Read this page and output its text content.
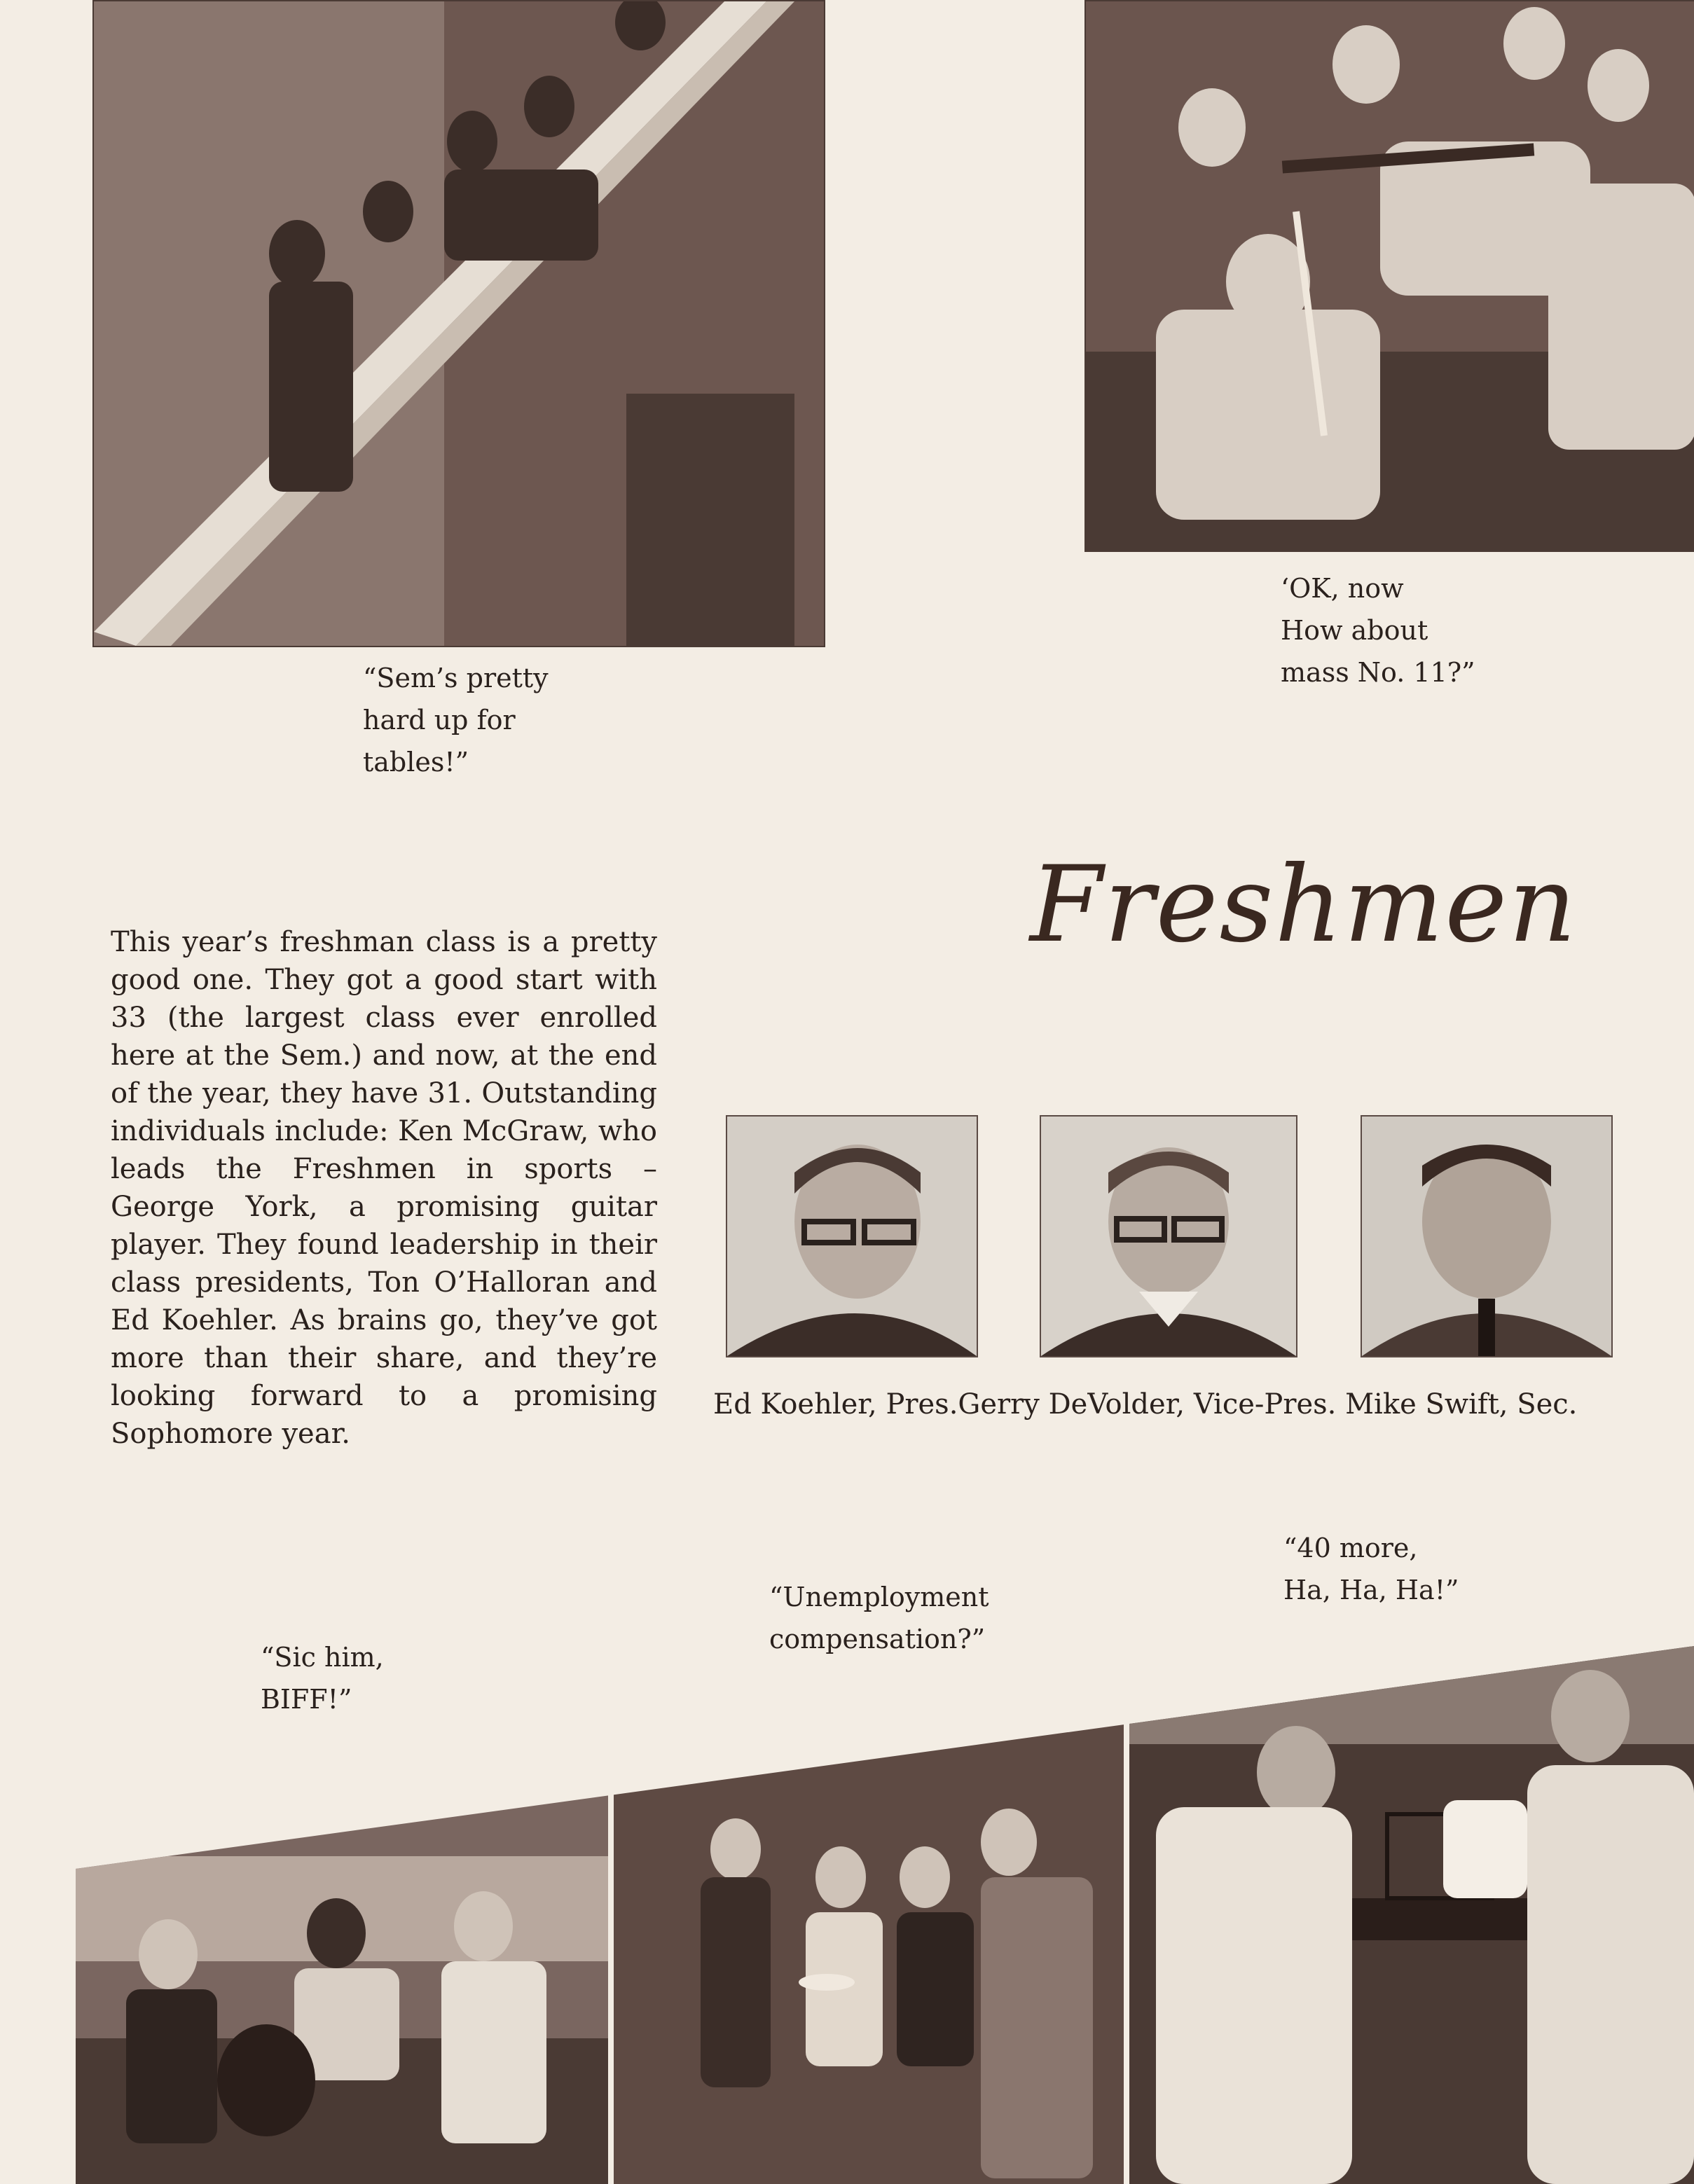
“Sem’s pretty
hard up for
tables!”
‘OK, now
How about
mass No. 11?”
Freshmen
This year’s freshman class is a pretty good one. They got a good start with 33 (the largest class ever enrolled here at the Sem.) and now, at the end of the year, they have 31. Outstanding individuals include: Ken McGraw, who leads the Freshmen in sports – George York, a promising guitar player. They found leadership in their class presidents, Ton O’Halloran and Ed Koehler. As brains go, they’ve got more than their share, and they’re looking forward to a promising Sophomore year.
Ed Koehler, Pres.Gerry DeVolder, Vice-Pres. Mike Swift, Sec.
“Sic him,
BIFF!”
“Unemployment
compensation?”
“40 more,
Ha, Ha, Ha!”
